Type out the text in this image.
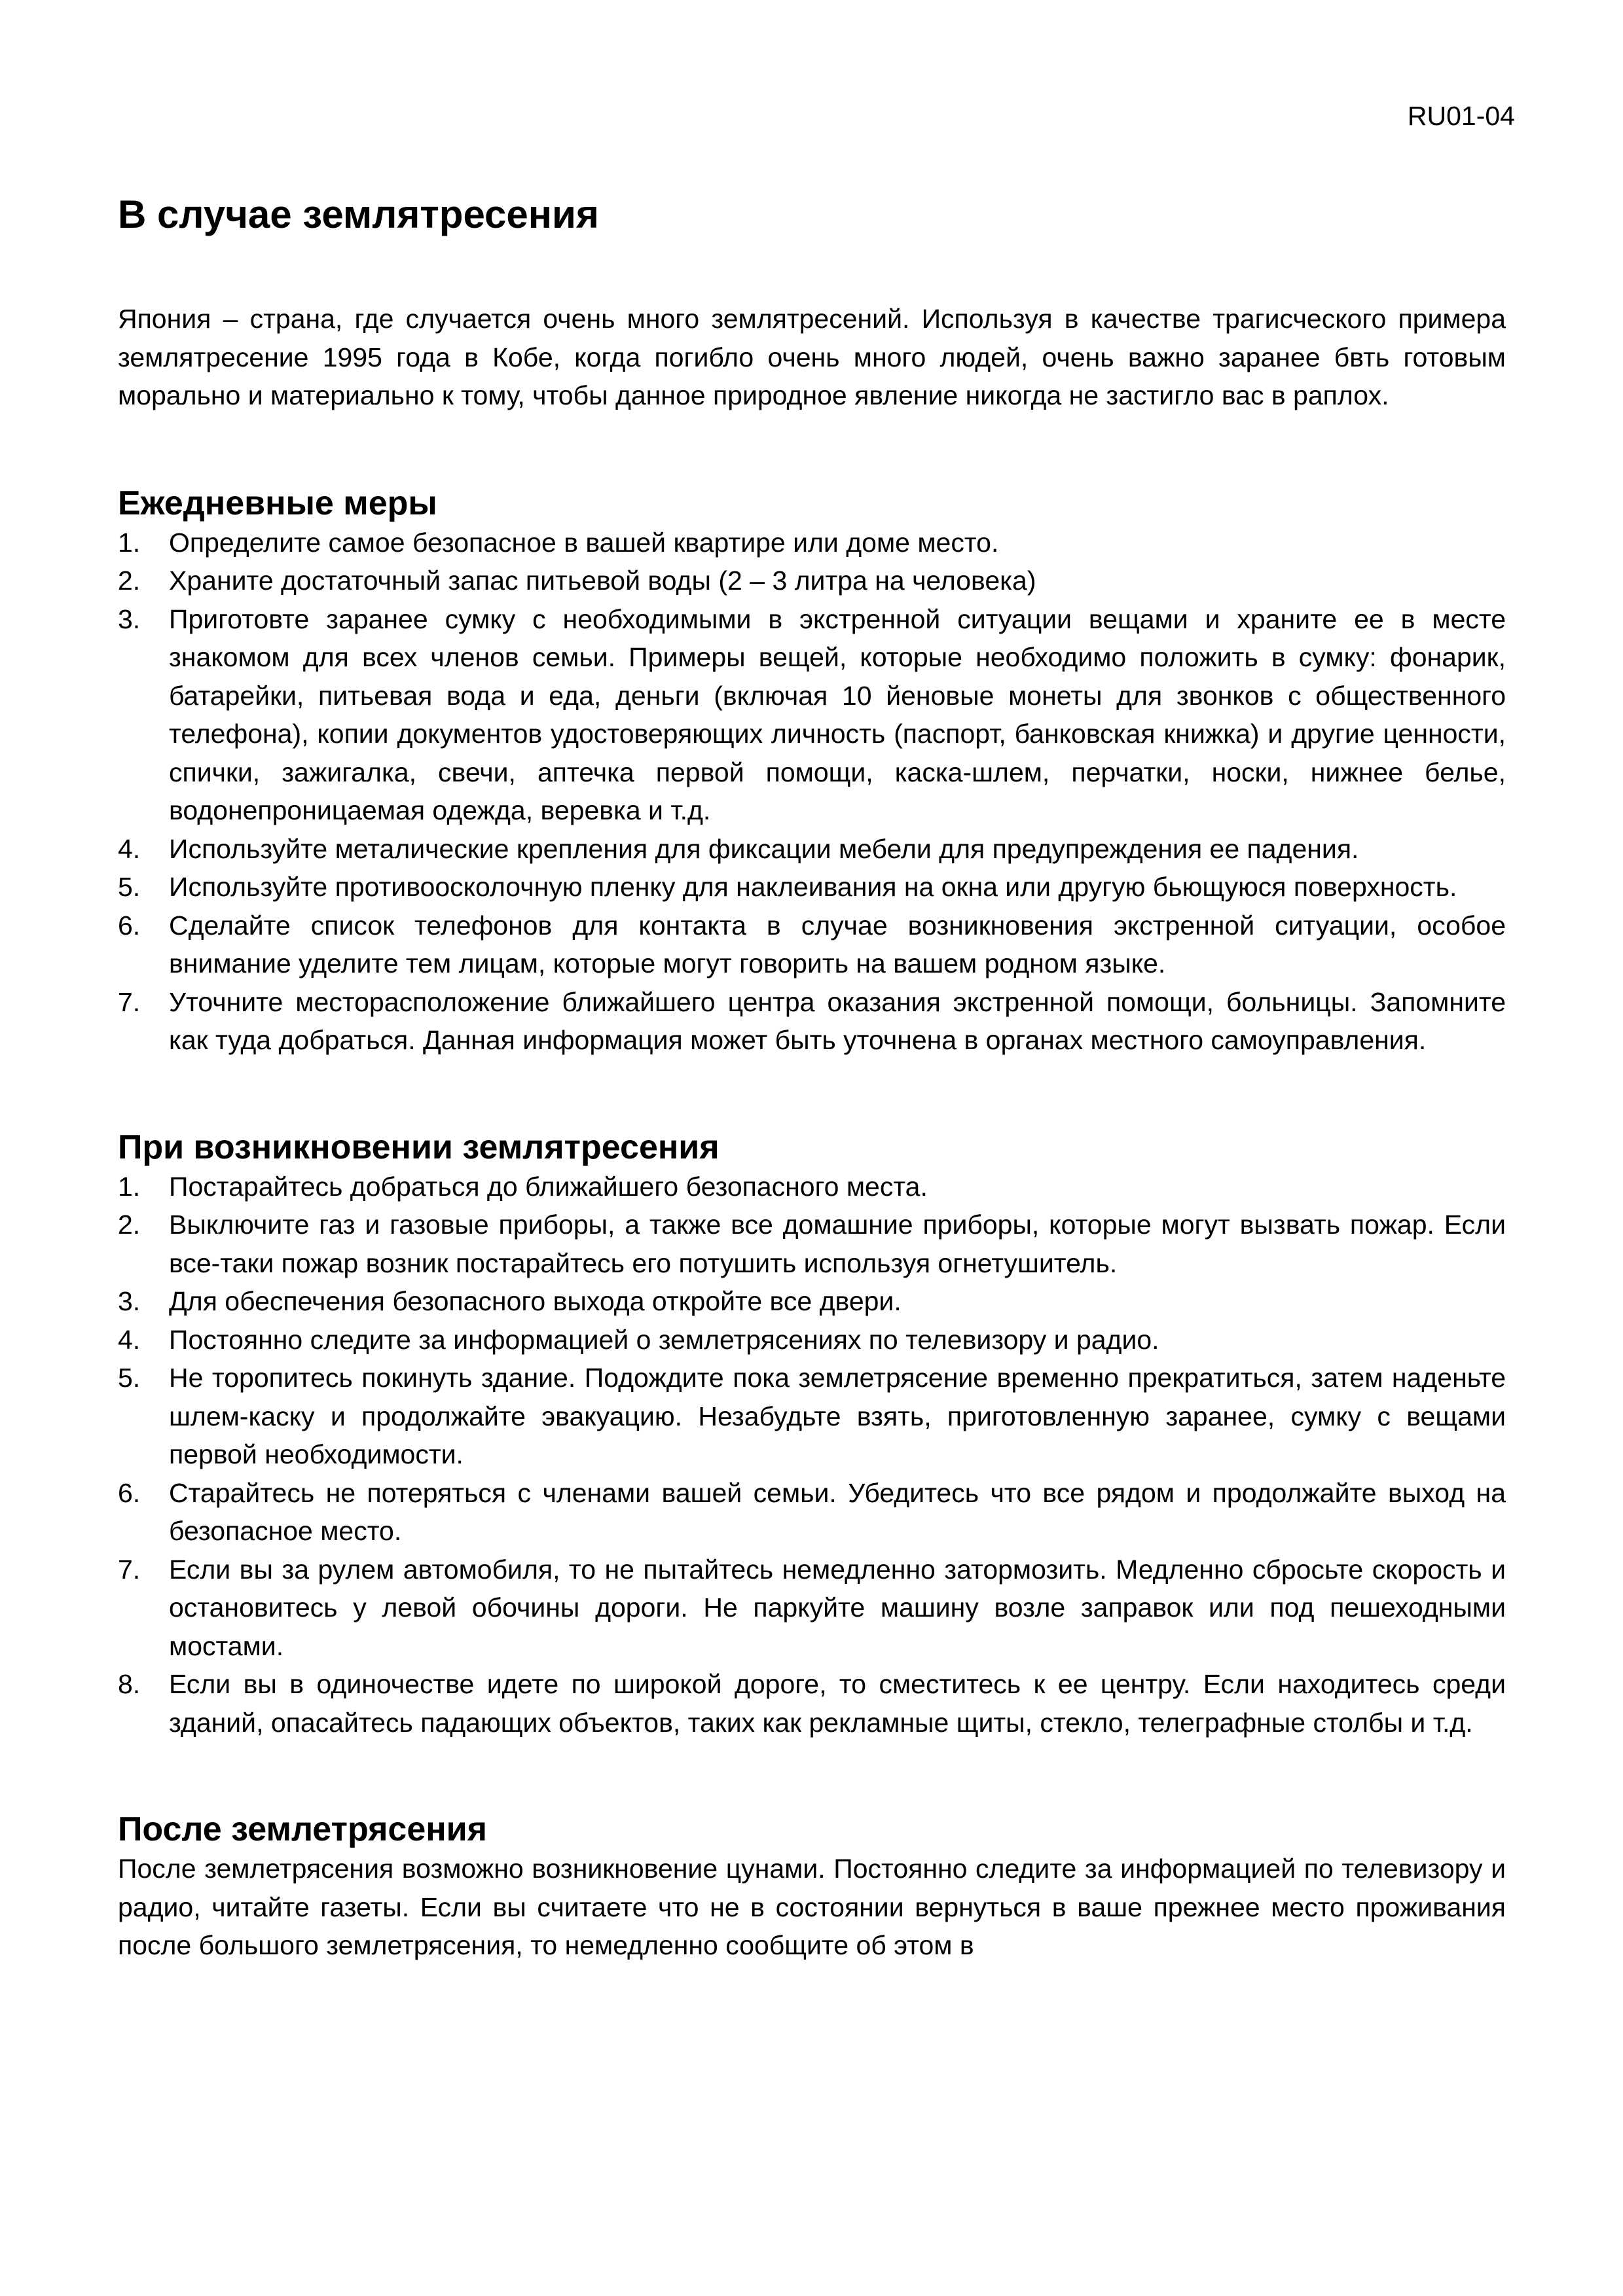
RU01-04
В случае землятресения

Япония – страна, где случается очень много землятресений. Используя в качестве трагисческого примера землятресение 1995 года в Кобе, когда погибло очень много людей, очень важно заранее бвть готовым морально и материально к тому, чтобы данное природное явление никогда не застигло вас в раплох.

Ежедневные меры
1.	Определите самое безопасное в вашей квартире или доме место.
2.	Храните достаточный запас питьевой воды (2 – 3 литра на человека)
3.	Приготовте заранее сумку с необходимыми в экстренной ситуации вещами и храните ее в месте знакомом для всех членов семьи. Примеры вещей, которые необходимо положить в сумку: фонарик, батарейки, питьевая вода и еда, деньги (включая 10 йеновые монеты для звонков с общественного телефона), копии документов удостоверяющих личность (паспорт, банковская книжка) и другие ценности, спички, зажигалка, свечи, аптечка первой помощи, каска-шлем, перчатки, носки, нижнее белье, водонепроницаемая одежда, веревка и т.д.
4.	Используйте металические крепления для фиксации мебели для предупреждения ее падения.
5.	Используйте противоосколочную пленку для наклеивания на окна или другую бьющуюся поверхность.
6.	Сделайте список телефонов для контакта в случае возникновения экстренной ситуации, особое внимание уделите тем лицам, которые могут говорить на вашем родном языке.
7.	Уточните месторасположение ближайшего центра оказания экстренной помощи, больницы. Запомните как туда добраться. Данная информация может быть уточнена в органах местного самоуправления.
При возникновении землятресения
1.	Постарайтесь добраться до ближайшего безопасного места.
2.	Выключите газ и газовые приборы, а также все домашние приборы, которые могут вызвать пожар. Если все-таки пожар возник постарайтесь его потушить используя огнетушитель.
3.	Для обеспечения безопасного выхода откройте все двери.
4.	Постоянно следите за информацией о землетрясениях по телевизору и радио.
5.	Не торопитесь покинуть здание. Подождите пока землетрясение временно прекратиться, затем наденьте шлем-каску и продолжайте эвакуацию. Незабудьте взять, приготовленную заранее, сумку с вещами первой необходимости.
6.	Старайтесь не потеряться с членами вашей семьи. Убедитесь что все рядом и продолжайте выход на безопасное место.
7.	Если вы за рулем автомобиля, то не пытайтесь немедленно затормозить. Медленно сбросьте скорость и остановитесь у левой обочины дороги. Не паркуйте машину возле заправок или под пешеходными мостами.
8.	Если вы в одиночестве идете по широкой дороге, то сместитесь к ее центру. Если находитесь среди зданий, опасайтесь падающих объектов, таких как рекламные щиты, стекло, телеграфные столбы и т.д.
После землетрясения

После землетрясения возможно возникновение цунами. Постоянно следите за информацией по телевизору и радио, читайте газеты. Если вы считаете что не в состоянии вернуться в ваше прежнее место проживания после большого землетрясения, то немедленно сообщите об этом в
